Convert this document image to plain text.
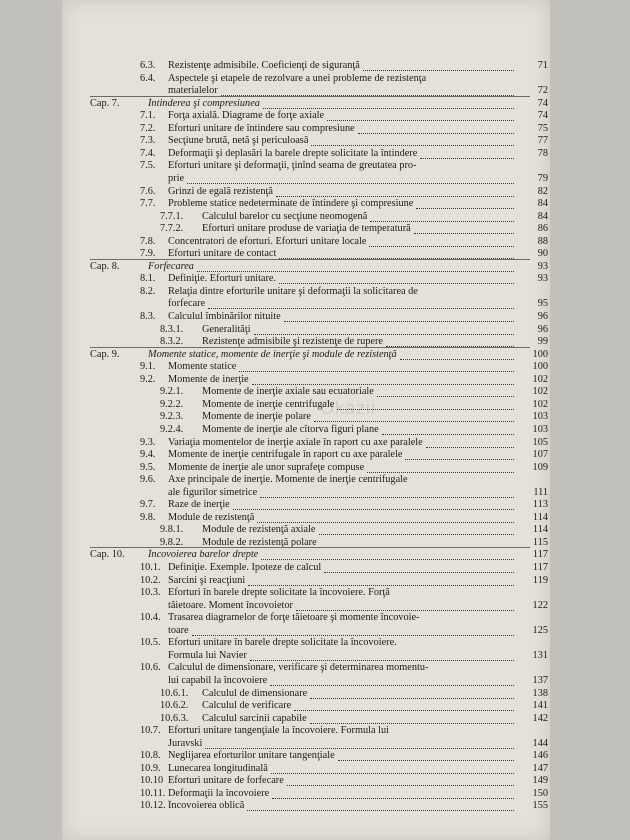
6.3. Rezistenţe admisibile. Coeficienţi de siguranţă	71
6.4. Aspectele şi etapele de rezolvare a unei probleme de rezistenţa
materialelor	72
Cap. 7.	Întinderea şi compresiunea	74
7.1. Forţa axială. Diagrame de forţe axiale	74
7.2. Eforturi unitare de întindere sau compresiune	75
7.3. Secţiune brută, netă şi periculoasă	77
7.4. Deformaţii şi deplasări la barele drepte solicitate la întindere	78
7.5. Eforturi unitare şi deformaţii, ţinînd seama de greutatea pro-
prie	79
7.6. Grinzi de egală rezistenţă	82
7.7. Probleme statice nedeterminate de întindere şi compresiune	84
7.7.1. Calculul barelor cu secţiune neomogenă	84
7.7.2. Eforturi unitare produse de variaţia de temperatură	86
7.8. Concentratori de eforturi. Eforturi unitare locale	88
7.9. Eforturi unitare de contact	90
Cap. 8.	Forfecarea	93
8.1. Definiţie. Eforturi unitare.	93
8.2. Relaţia dintre eforturile unitare şi deformaţii la solicitarea de
forfecare	95
8.3. Calculul îmbinărilor nituite	96
8.3.1. Generalităţi	96
8.3.2. Rezistenţe admisibile şi rezistenţe de rupere	99
Cap. 9.	Momente statice, momente de inerţie şi module de rezistenţă	100
9.1. Momente statice	100
9.2. Momente de inerţie	102
9.2.1. Momente de inerţie axiale sau ecuatoriale	102
9.2.2. Momente de inerţie centrifugale	102
9.2.3. Momente de inerţie polare	103
9.2.4. Momente de inerţie ale cîtorva figuri plane	103
9.3. Variaţia momentelor de inerţie axiale în raport cu axe paralele	105
9.4. Momente de inerţie centrifugale în raport cu axe paralele	107
9.5. Momente de inerţie ale unor suprafeţe compuse	109
9.6. Axe principale de inerţie. Momente de inerţie centrifugale
ale figurilor simetrice	111
9.7. Raze de inerţie	113
9.8. Module de rezistenţă	114
9.8.1. Module de rezistenţă axiale	114
9.8.2. Module de rezistenţă polare	115
Cap. 10. Încovoierea barelor drepte	117
10.1. Definiţie. Exemple. Ipoteze de calcul	117
10.2. Sarcini şi reacţiuni	119
10.3. Eforturi în barele drepte solicitate la încovoiere. Forţă
tăietoare. Moment încovoietor	122
10.4. Trasarea diagramelor de forţe tăietoare şi momente încovoie-
toare	125
10.5. Eforturi unitare în barele drepte solicitate la încovoiere.
Formula lui Navier	131
10.6. Calculul de dimensionare, verificare şi determinarea momentu-
lui capabil la încovoiere	137
10.6.1. Calculul de dimensionare	138
10.6.2. Calculul de verificare	141
10.6.3. Calculul sarcinii capabile	142
10.7. Eforturi unitare tangenţiale la încovoiere. Formula lui
Juravski	144
10.8. Neglijarea eforturilor unitare tangenţiale	146
10.9. Lunecarea longitudinală	147
10.10 Eforturi unitare de forfecare	149
10.11. Deformaţii la încovoiere	150
10.12. Încovoierea oblică	155
Okazii
